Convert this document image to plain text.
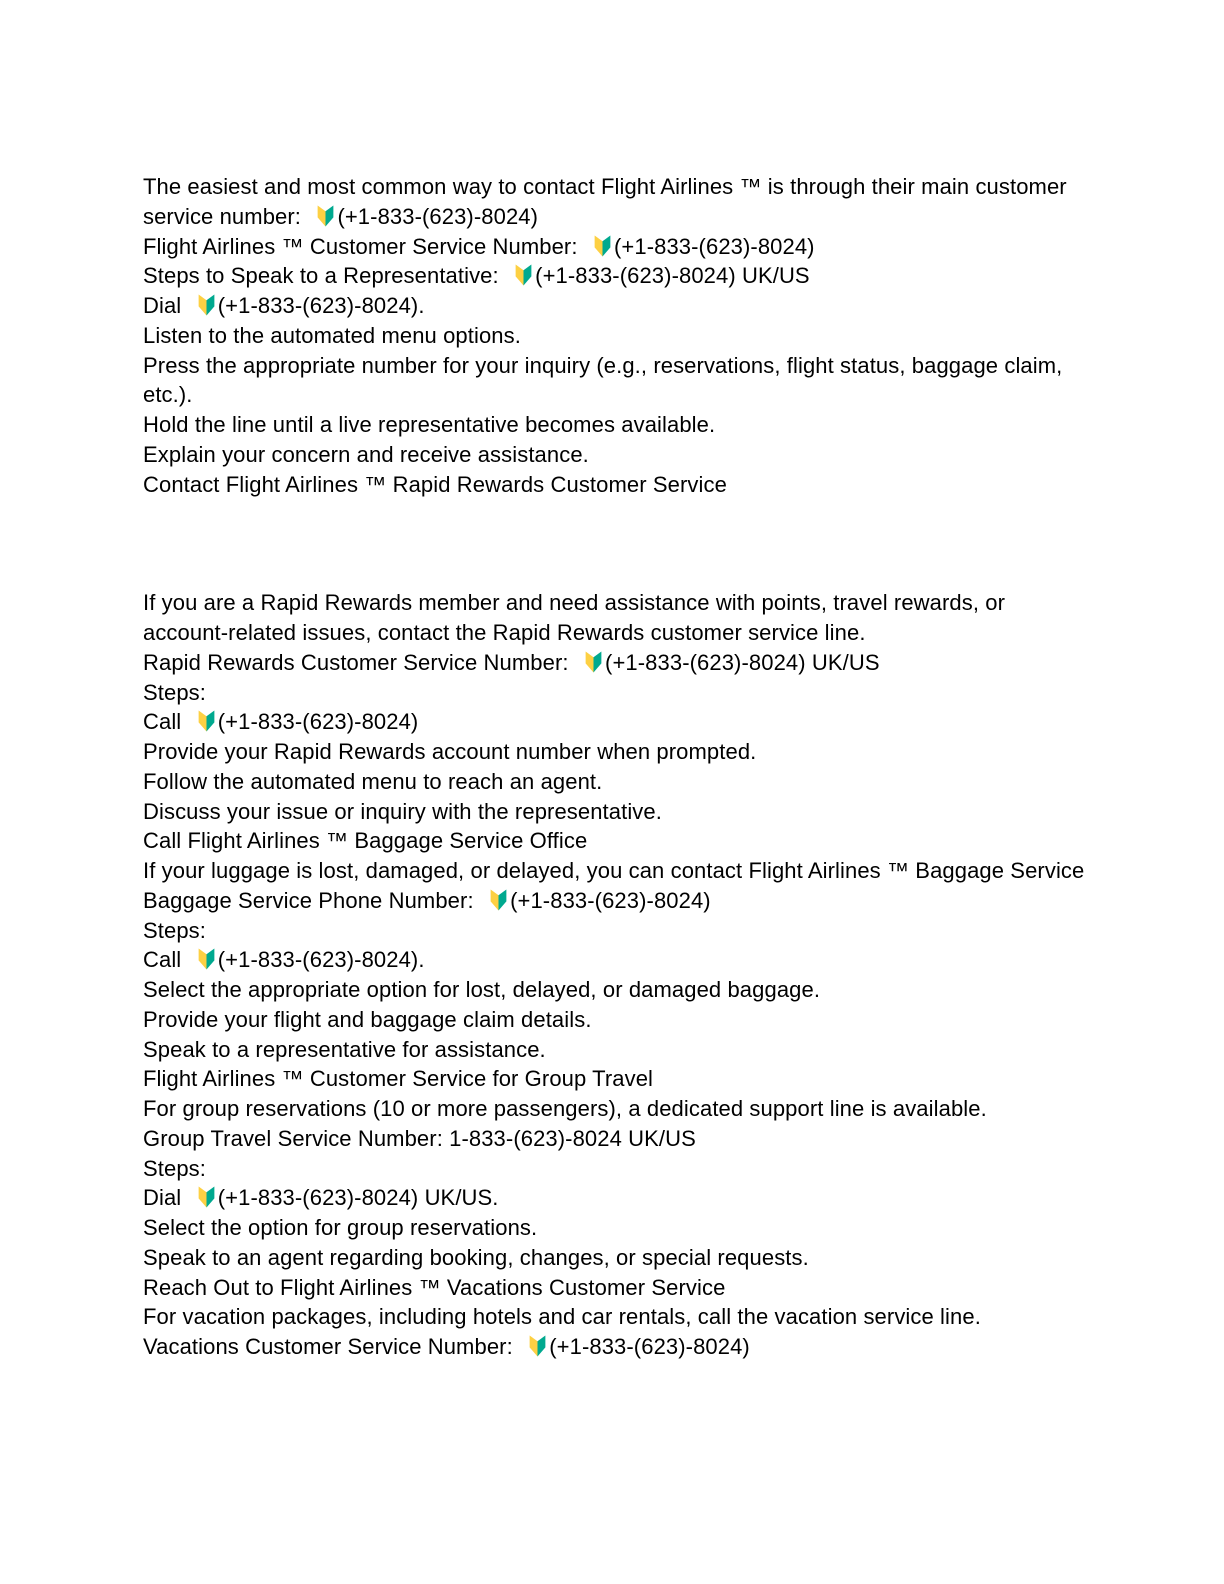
The easiest and most common way to contact Flight Airlines ™ is through their main customer service number:
(+1-833-(623)-8024)
Flight Airlines ™ Customer Service Number:
(+1-833-(623)-8024)
Steps to Speak to a Representative:
(+1-833-(623)-8024) UK/US
Dial
(+1-833-(623)-8024).
Listen to the automated menu options.
Press the appropriate number for your inquiry (e.g., reservations, flight status, baggage claim, etc.).
Hold the line until a live representative becomes available.
Explain your concern and receive assistance.
Contact Flight Airlines ™ Rapid Rewards Customer Service
If you are a Rapid Rewards member and need assistance with points, travel rewards, or account-related issues, contact the Rapid Rewards customer service line.
Rapid Rewards Customer Service Number:
(+1-833-(623)-8024) UK/US
Steps:
Call
(+1-833-(623)-8024)
Provide your Rapid Rewards account number when prompted.
Follow the automated menu to reach an agent.
Discuss your issue or inquiry with the representative.
Call Flight Airlines ™ Baggage Service Office
If your luggage is lost, damaged, or delayed, you can contact Flight Airlines ™ Baggage Service
Baggage Service Phone Number:
(+1-833-(623)-8024)
Steps:
Call
(+1-833-(623)-8024).
Select the appropriate option for lost, delayed, or damaged baggage.
Provide your flight and baggage claim details.
Speak to a representative for assistance.
Flight Airlines ™ Customer Service for Group Travel
For group reservations (10 or more passengers), a dedicated support line is available.
Group Travel Service Number: 1-833-(623)-8024 UK/US
Steps:
Dial
(+1-833-(623)-8024) UK/US.
Select the option for group reservations.
Speak to an agent regarding booking, changes, or special requests.
Reach Out to Flight Airlines ™ Vacations Customer Service
For vacation packages, including hotels and car rentals, call the vacation service line.
Vacations Customer Service Number:
(+1-833-(623)-8024)
